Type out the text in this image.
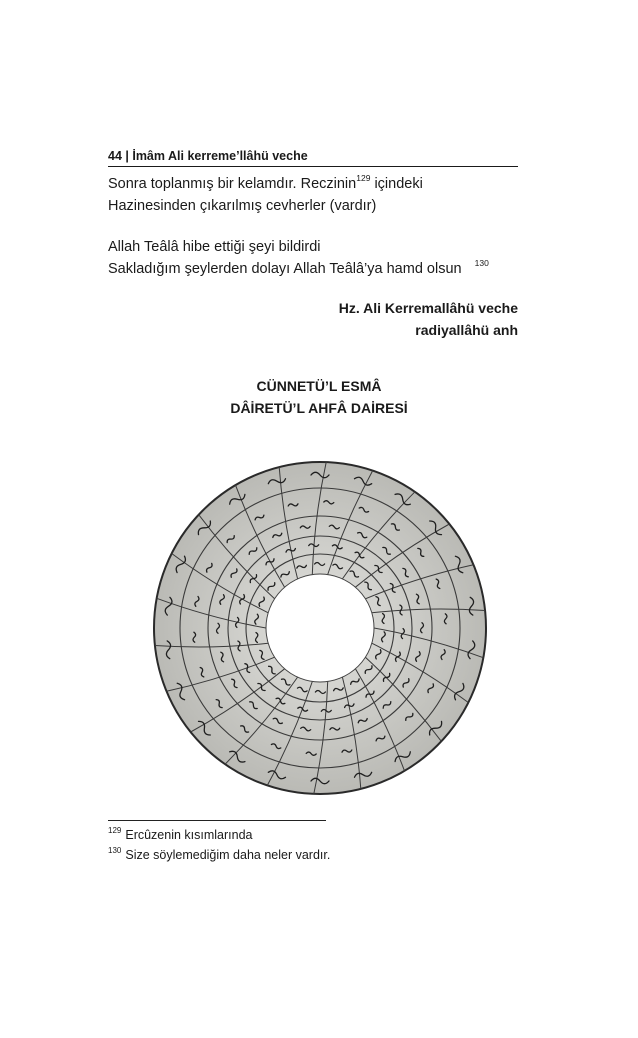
44 | İmâm Ali kerreme’llâhü veche
Sonra toplanmış bir kelamdır. Reczinin$^{129}$ içindeki
Hazinesinden çıkarılmış cevherler (vardır)
Allah Teâlâ hibe ettiği şeyi bildirdi
Sakladığım şeylerden dolayı Allah Teâlâ’ya hamd olsun $^{130}$
Hz. Ali Kerremallâhü veche
radiyallâhü anh
CÜNNETÜ’L ESMÂ
DÂİRETÜ’L AHFÂ DAİRESİ
$^{129}$ Ercûzenin kısımlarında
$^{130}$ Size söylemediğim daha neler vardır.
